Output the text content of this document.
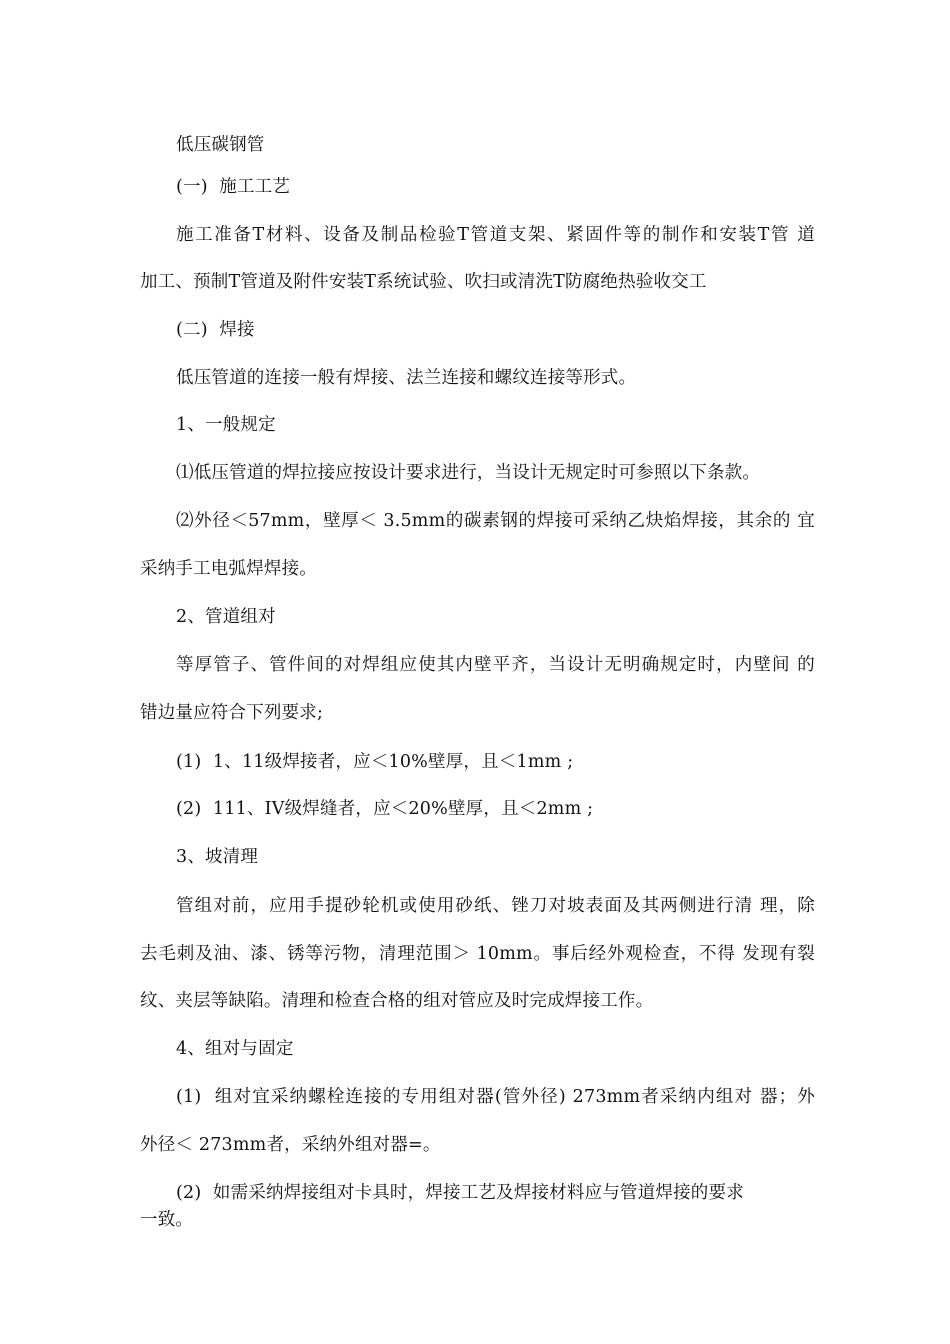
低压碳钢管
(一)  施工工艺
施工准备T材料、设备及制品检验T管道支架、紧固件等的制作和安装T管 道
加工、预制T管道及附件安装T系统试验、吹扫或清洗T防腐绝热验收交工
(二)  焊接
低压管道的连接一般有焊接、法兰连接和螺纹连接等形式。
1、一般规定
⑴低压管道的焊拉接应按设计要求进行，当设计无规定时可参照以下条款。
⑵外径＜57mm，壁厚＜ 3.5mm的碳素钢的焊接可采纳乙炔焰焊接，其余的 宜
采纳手工电弧焊焊接。
2、管道组对
等厚管子、管件间的对焊组应使其内壁平齐，当设计无明确规定时，内壁间 的
错边量应符合下列要求;
(1)  1、11级焊接者，应＜10%壁厚，且＜1mm ;
(2)  111、IV级焊缝者，应＜20%壁厚，且＜2mm ;
3、坡清理
管组对前，应用手提砂轮机或使用砂纸、锉刀对坡表面及其两侧进行清 理，除
去毛刺及油、漆、锈等污物，清理范围＞ 10mm。事后经外观检查，不得 发现有裂
纹、夹层等缺陷。清理和检查合格的组对管应及时完成焊接工作。
4、组对与固定
(1)  组对宜采纳螺栓连接的专用组对器(管外径) 273mm者采纳内组对 器；外
外径＜ 273mm者，采纳外组对器=。
(2)  如需采纳焊接组对卡具时，焊接工艺及焊接材料应与管道焊接的要求
一致。
